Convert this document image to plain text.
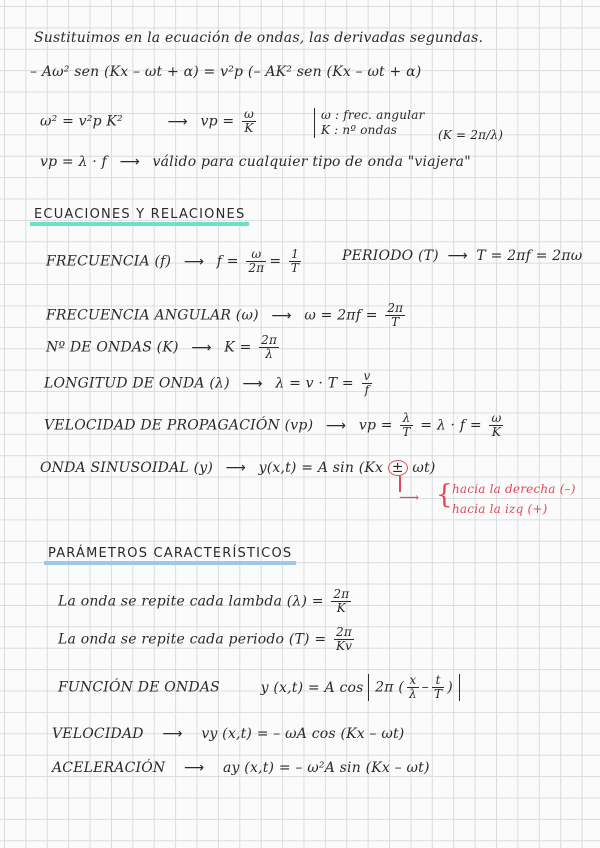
Sustituimos en la ecuación de ondas, las derivadas segundas.
– Aω² sen (Kx – ωt + α) = v²p (– AK² sen (Kx – ωt + α)
ω² = v²p K²	⟶ vp = $\frac{\omega}{K}$	ω : frec. angular
K : nº ondas	(K = 2π/λ)
vp = λ · f ⟶ válido para cualquier tipo de onda "viajera"
ECUACIONES Y RELACIONES
FRECUENCIA (f) ⟶ $f = \frac{\omega}{2\pi} = \frac{1}{T}$	PERIODO (T) ⟶ T = 2πf = 2πω
FRECUENCIA ANGULAR (ω) ⟶ $\omega = 2\pi f = \frac{2\pi}{T}$
Nº DE ONDAS (K) ⟶ $K = \frac{2\pi}{\lambda}$
LONGITUD DE ONDA (λ) ⟶ $\lambda = v \cdot T = \frac{v}{f}$
VELOCIDAD DE PROPAGACIÓN (vp) ⟶ vp = $\frac{\lambda}{T} = \lambda \cdot f = \frac{\omega}{K}$
ONDA SINUSOIDAL (y) ⟶ y(x,t) = A sin (Kx ± ωt)
⟶ { hacia la derecha (–)
hacia la izq (+)
PARÁMETROS CARACTERÍSTICOS
La onda se repite cada lambda $(\lambda) = \frac{2\pi}{K}$
La onda se repite cada periodo $(T) = \frac{2\pi}{Kv}$
FUNCIÓN DE ONDAS	y (x,t) = A cos 2π ( $\frac{x}{\lambda} - \frac{t}{T}$ )
VELOCIDAD ⟶ vy (x,t) = – ωA cos (Kx – ωt)
ACELERACIÓN ⟶ ay (x,t) = – ω²A sin (Kx – ωt)
